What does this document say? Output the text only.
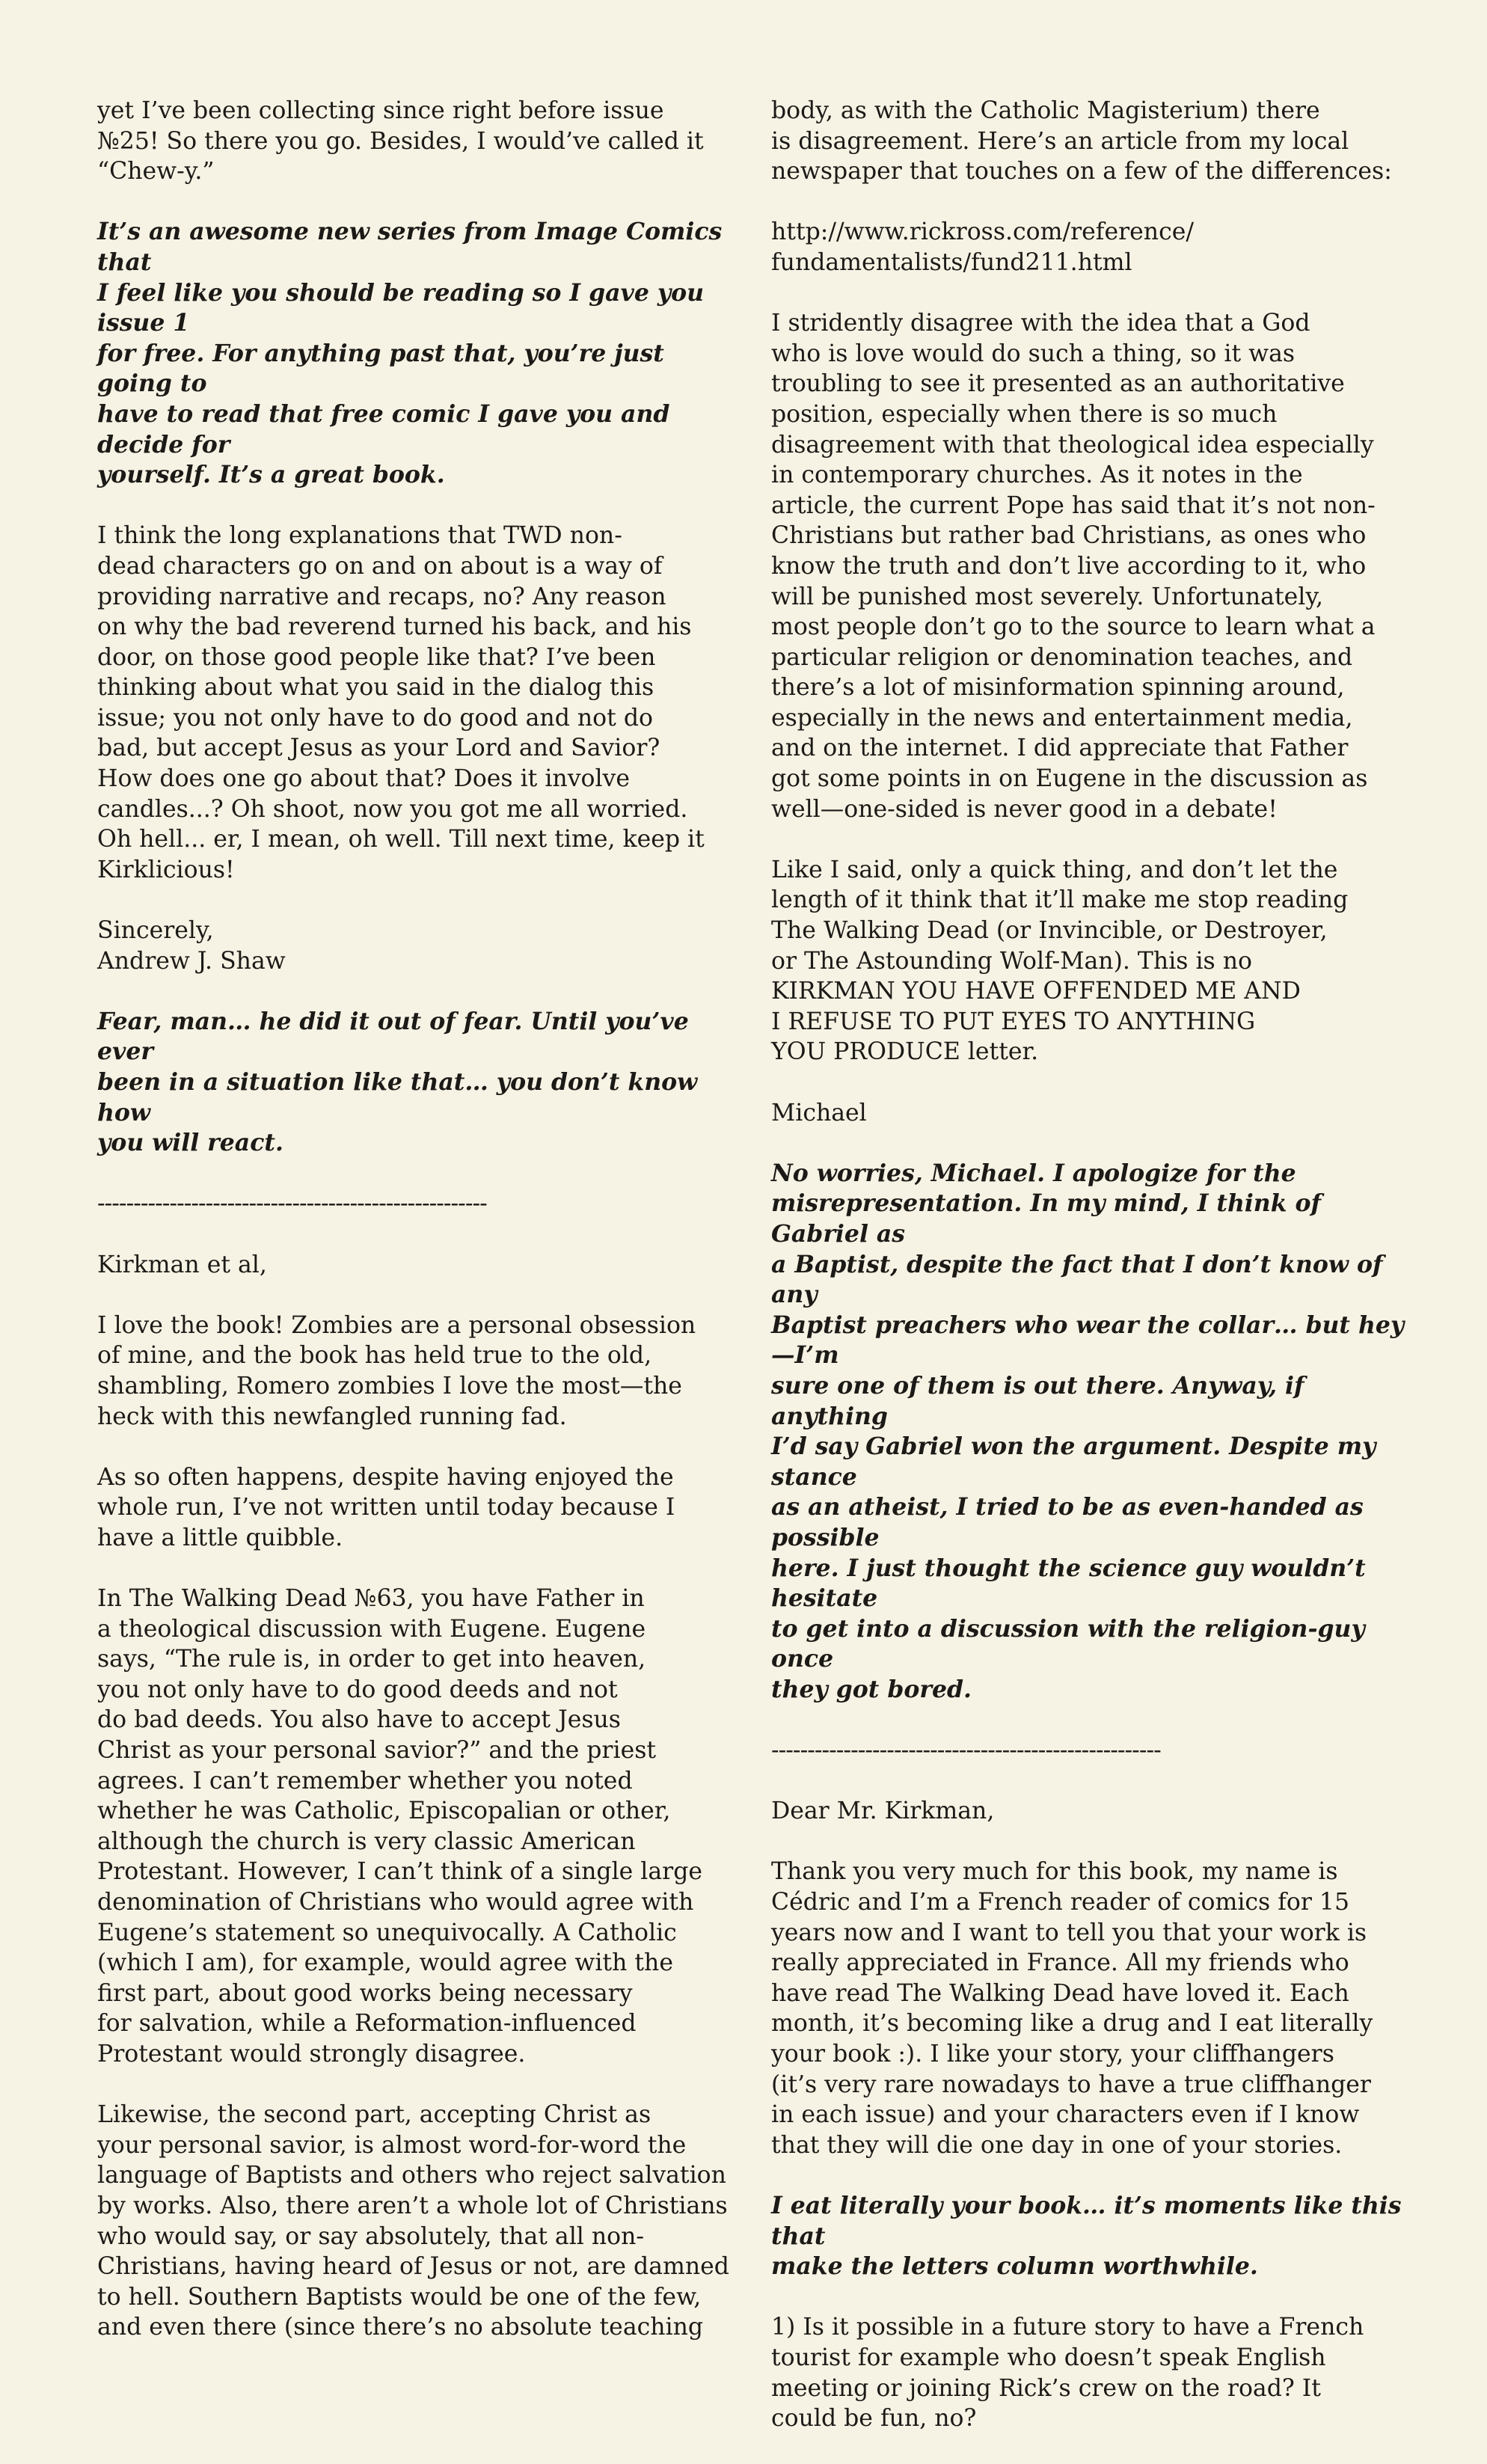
yet I’ve been collecting since right before issue
№25! So there you go. Besides, I would’ve called it
“Chew-y.”

It’s an awesome new series from Image Comics that
I feel like you should be reading so I gave you issue 1
for free. For anything past that, you’re just going to
have to read that free comic I gave you and decide for
yourself. It’s a great book.

I think the long explanations that TWD non-
dead characters go on and on about is a way of
providing narrative and recaps, no? Any reason
on why the bad reverend turned his back, and his
door, on those good people like that? I’ve been
thinking about what you said in the dialog this
issue; you not only have to do good and not do
bad, but accept Jesus as your Lord and Savior?
How does one go about that? Does it involve
candles...? Oh shoot, now you got me all worried.
Oh hell... er, I mean, oh well. Till next time, keep it
Kirklicious!

Sincerely,
Andrew J. Shaw

Fear, man… he did it out of fear. Until you’ve ever
been in a situation like that… you don’t know how
you will react.

------------------------------------------------------

Kirkman et al,

I love the book! Zombies are a personal obsession
of mine, and the book has held true to the old,
shambling, Romero zombies I love the most—the
heck with this newfangled running fad.

As so often happens, despite having enjoyed the
whole run, I’ve not written until today because I
have a little quibble.

In The Walking Dead №63, you have Father in
a theological discussion with Eugene. Eugene
says, “The rule is, in order to get into heaven,
you not only have to do good deeds and not
do bad deeds. You also have to accept Jesus
Christ as your personal savior?” and the priest
agrees. I can’t remember whether you noted
whether he was Catholic, Episcopalian or other,
although the church is very classic American
Protestant. However, I can’t think of a single large
denomination of Christians who would agree with
Eugene’s statement so unequivocally. A Catholic
(which I am), for example, would agree with the
first part, about good works being necessary
for salvation, while a Reformation-influenced
Protestant would strongly disagree.

Likewise, the second part, accepting Christ as
your personal savior, is almost word-for-word the
language of Baptists and others who reject salvation
by works. Also, there aren’t a whole lot of Christians
who would say, or say absolutely, that all non-
Christians, having heard of Jesus or not, are damned
to hell. Southern Baptists would be one of the few,
and even there (since there’s no absolute teaching

body, as with the Catholic Magisterium) there
is disagreement. Here’s an article from my local
newspaper that touches on a few of the differences:

http://www.rickross.com/reference/
fundamentalists/fund211.html

I stridently disagree with the idea that a God
who is love would do such a thing, so it was
troubling to see it presented as an authoritative
position, especially when there is so much
disagreement with that theological idea especially
in contemporary churches. As it notes in the
article, the current Pope has said that it’s not non-
Christians but rather bad Christians, as ones who
know the truth and don’t live according to it, who
will be punished most severely. Unfortunately,
most people don’t go to the source to learn what a
particular religion or denomination teaches, and
there’s a lot of misinformation spinning around,
especially in the news and entertainment media,
and on the internet. I did appreciate that Father
got some points in on Eugene in the discussion as
well—one-sided is never good in a debate!

Like I said, only a quick thing, and don’t let the
length of it think that it’ll make me stop reading
The Walking Dead (or Invincible, or Destroyer,
or The Astounding Wolf-Man). This is no
KIRKMAN YOU HAVE OFFENDED ME AND
I REFUSE TO PUT EYES TO ANYTHING
YOU PRODUCE letter.

Michael

No worries, Michael. I apologize for the
misrepresentation. In my mind, I think of Gabriel as
a Baptist, despite the fact that I don’t know of any
Baptist preachers who wear the collar… but hey—I’m
sure one of them is out there. Anyway, if anything
I’d say Gabriel won the argument. Despite my stance
as an atheist, I tried to be as even-handed as possible
here. I just thought the science guy wouldn’t hesitate
to get into a discussion with the religion-guy once
they got bored.

------------------------------------------------------

Dear Mr. Kirkman,

Thank you very much for this book, my name is
Cédric and I’m a French reader of comics for 15
years now and I want to tell you that your work is
really appreciated in France. All my friends who
have read The Walking Dead have loved it. Each
month, it’s becoming like a drug and I eat literally
your book :). I like your story, your cliffhangers
(it’s very rare nowadays to have a true cliffhanger
in each issue) and your characters even if I know
that they will die one day in one of your stories.

I eat literally your book… it’s moments like this that
make the letters column worthwhile.

1) Is it possible in a future story to have a French
tourist for example who doesn’t speak English
meeting or joining Rick’s crew on the road? It
could be fun, no?
